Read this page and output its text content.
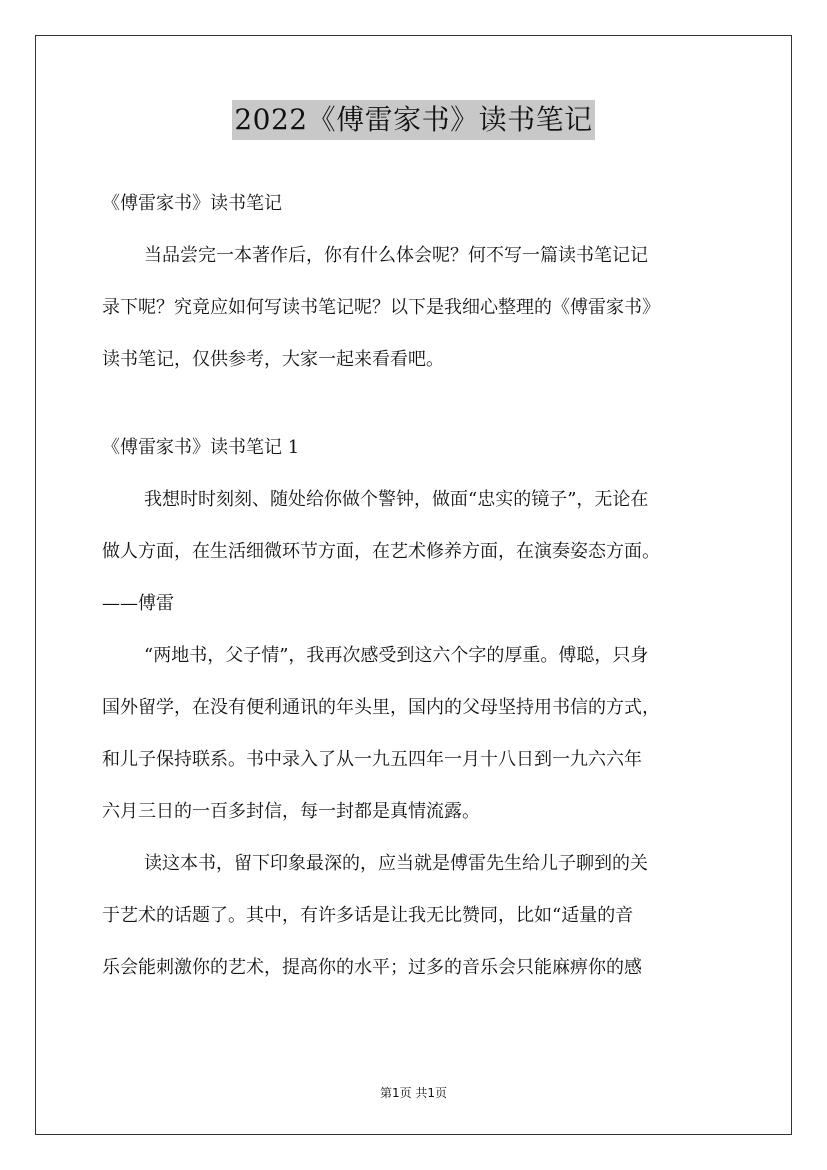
2022《傅雷家书》读书笔记
《傅雷家书》读书笔记
当品尝完一本著作后，你有什么体会呢？何不写一篇读书笔记记
录下呢？究竟应如何写读书笔记呢？以下是我细心整理的《傅雷家书》
读书笔记，仅供参考，大家一起来看看吧。
《傅雷家书》读书笔记 1
我想时时刻刻、随处给你做个警钟，做面“忠实的镜子”，无论在
做人方面，在生活细微环节方面，在艺术修养方面，在演奏姿态方面。
——傅雷
“两地书，父子情”，我再次感受到这六个字的厚重。傅聪，只身
国外留学，在没有便利通讯的年头里，国内的父母坚持用书信的方式，
和儿子保持联系。书中录入了从一九五四年一月十八日到一九六六年
六月三日的一百多封信，每一封都是真情流露。
读这本书，留下印象最深的，应当就是傅雷先生给儿子聊到的关
于艺术的话题了。其中，有许多话是让我无比赞同，比如“适量的音
乐会能刺激你的艺术，提高你的水平；过多的音乐会只能麻痹你的感
第1页 共1页
